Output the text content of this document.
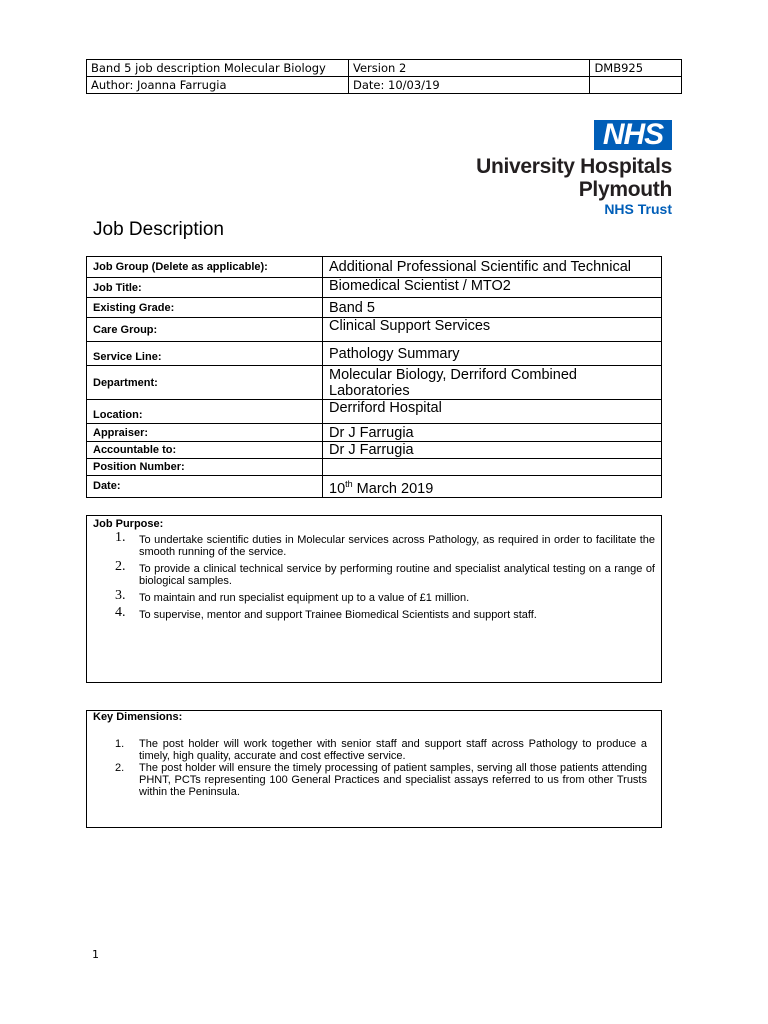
Band 5 job description Molecular Biology	Version 2	DMB925
Author: Joanna Farrugia	Date: 10/03/19	
NHS
University Hospitals
Plymouth
NHS Trust
Job Description
Job Group (Delete as applicable):	Additional Professional Scientific and Technical
Job Title:	Biomedical Scientist / MTO2
Existing Grade:	Band 5
Care Group:	Clinical Support Services
Service Line:	Pathology Summary
Department:	Molecular Biology, Derriford Combined Laboratories
Location:	Derriford Hospital
Appraiser:	Dr J Farrugia
Accountable to:	Dr J Farrugia
Position Number:	
Date:	10th March 2019

Job Purpose:

1. To undertake scientific duties in Molecular services across Pathology, as required in order to facilitate the smooth running of the service.
2. To provide a clinical technical service by performing routine and specialist analytical testing on a range of biological samples.
3. To maintain and run specialist equipment up to a value of £1 million.
4. To supervise, mentor and support Trainee Biomedical Scientists and support staff.

Key Dimensions:

1. The post holder will work together with senior staff and support staff across Pathology to produce a timely, high quality, accurate and cost effective service.
2. The post holder will ensure the timely processing of patient samples, serving all those patients attending PHNT, PCTs representing 100 General Practices and specialist assays referred to us from other Trusts within the Peninsula.
1
